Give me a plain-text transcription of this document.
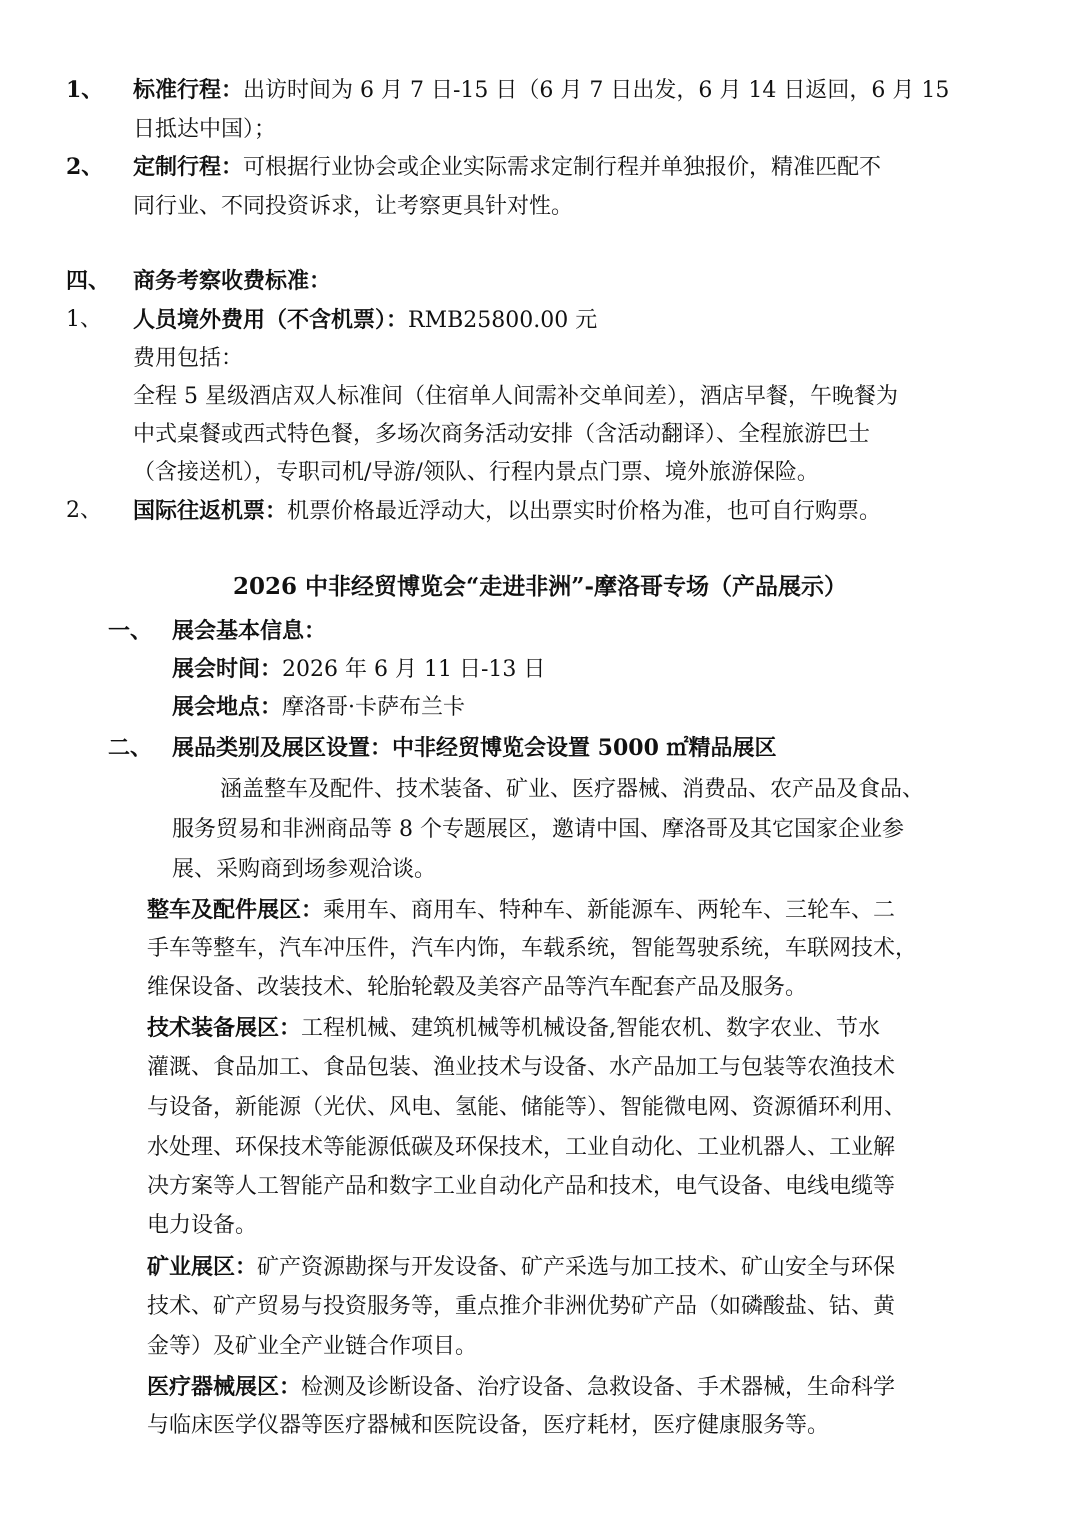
1、 标准行程：出访时间为 6 月 7 日-15 日（6 月 7 日出发，6 月 14 日返回，6 月 15
日抵达中国）；
2、 定制行程：可根据行业协会或企业实际需求定制行程并单独报价，精准匹配不
同行业、不同投资诉求，让考察更具针对性。
四、 商务考察收费标准：
1、 人员境外费用（不含机票）：RMB25800.00 元
费用包括：
全程 5 星级酒店双人标准间（住宿单人间需补交单间差），酒店早餐，午晚餐为
中式桌餐或西式特色餐，多场次商务活动安排（含活动翻译）、全程旅游巴士
（含接送机），专职司机/导游/领队、行程内景点门票、境外旅游保险。
2、 国际往返机票：机票价格最近浮动大，以出票实时价格为准，也可自行购票。
2026 中非经贸博览会“走进非洲”-摩洛哥专场（产品展示）
一、 展会基本信息：
展会时间：2026 年 6 月 11 日-13 日
展会地点：摩洛哥·卡萨布兰卡
二、 展品类别及展区设置：中非经贸博览会设置 5000 ㎡精品展区
涵盖整车及配件、技术装备、矿业、医疗器械、消费品、农产品及食品、
服务贸易和非洲商品等 8 个专题展区，邀请中国、摩洛哥及其它国家企业参
展、采购商到场参观洽谈。
整车及配件展区：乘用车、商用车、特种车、新能源车、两轮车、三轮车、二
手车等整车，汽车冲压件，汽车内饰，车载系统，智能驾驶系统，车联网技术，
维保设备、改装技术、轮胎轮毂及美容产品等汽车配套产品及服务。
技术装备展区：工程机械、建筑机械等机械设备,智能农机、数字农业、节水
灌溉、食品加工、食品包装、渔业技术与设备、水产品加工与包装等农渔技术
与设备，新能源（光伏、风电、氢能、储能等）、智能微电网、资源循环利用、
水处理、环保技术等能源低碳及环保技术，工业自动化、工业机器人、工业解
决方案等人工智能产品和数字工业自动化产品和技术，电气设备、电线电缆等
电力设备。
矿业展区：矿产资源勘探与开发设备、矿产采选与加工技术、矿山安全与环保
技术、矿产贸易与投资服务等，重点推介非洲优势矿产品（如磷酸盐、钴、黄
金等）及矿业全产业链合作项目。
医疗器械展区：检测及诊断设备、治疗设备、急救设备、手术器械，生命科学
与临床医学仪器等医疗器械和医院设备，医疗耗材，医疗健康服务等。
